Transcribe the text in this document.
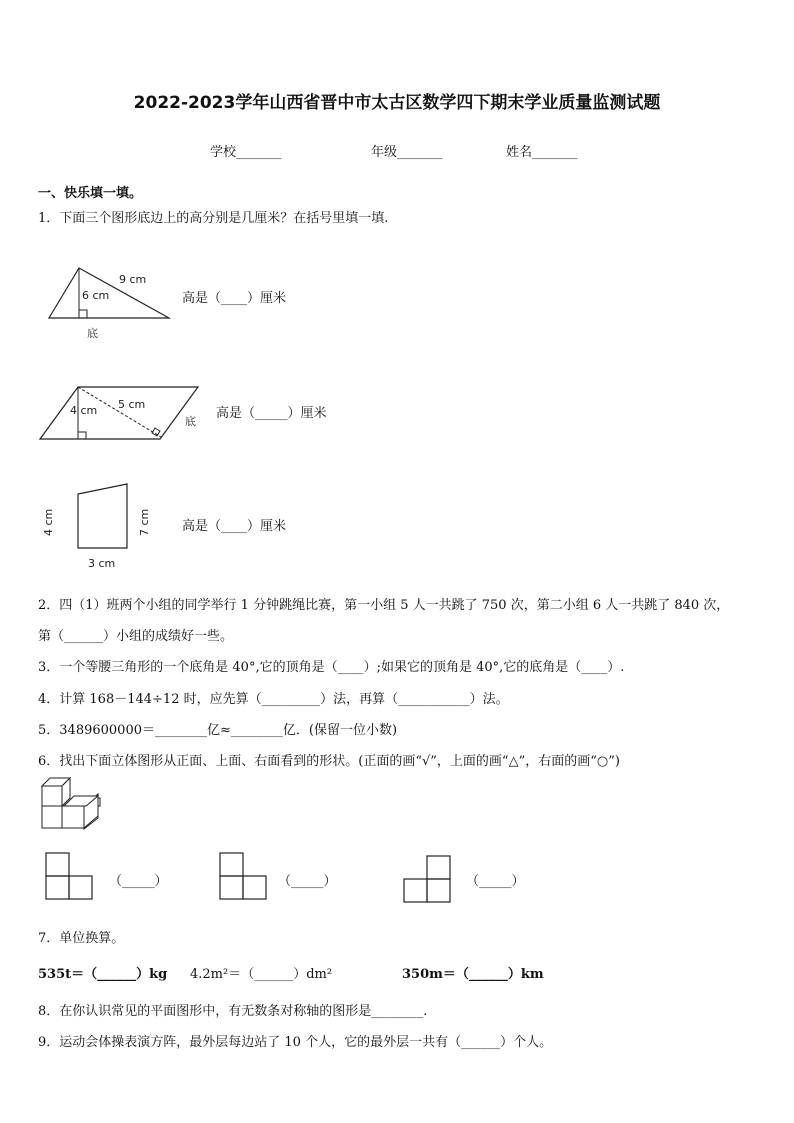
2022-2023学年山西省晋中市太古区数学四下期末学业质量监测试题
学校_______	年级_______	姓名_______
一、快乐填一填。
1．下面三个图形底边上的高分别是几厘米？在括号里填一填.
9 cm
6 cm
底
高是（____）厘米
4 cm 5 cm
底
高是（_____）厘米
4 cm	7 cm
3 cm
高是（____）厘米
2．四（1）班两个小组的同学举行 1 分钟跳绳比赛，第一小组 5 人一共跳了 750 次，第二小组 6 人一共跳了 840 次，
第（______）小组的成绩好一些。
3．一个等腰三角形的一个底角是 40°,它的顶角是（____）;如果它的顶角是 40°,它的底角是（____）.
4．计算 168－144÷12 时，应先算（_________）法，再算（___________）法。
5．3489600000＝________亿≈________亿．(保留一位小数)
6．找出下面立体图形从正面、上面、右面看到的形状。(正面的画“√”，上面的画“△”，右面的画“○”)
（_____）	（_____）	（_____）
7．单位换算。
535t＝（______）kg 4.2m²＝（______）dm²	350m＝（______）km
8．在你认识常见的平面图形中，有无数条对称轴的图形是________.
9．运动会体操表演方阵，最外层每边站了 10 个人，它的最外层一共有（______）个人。
